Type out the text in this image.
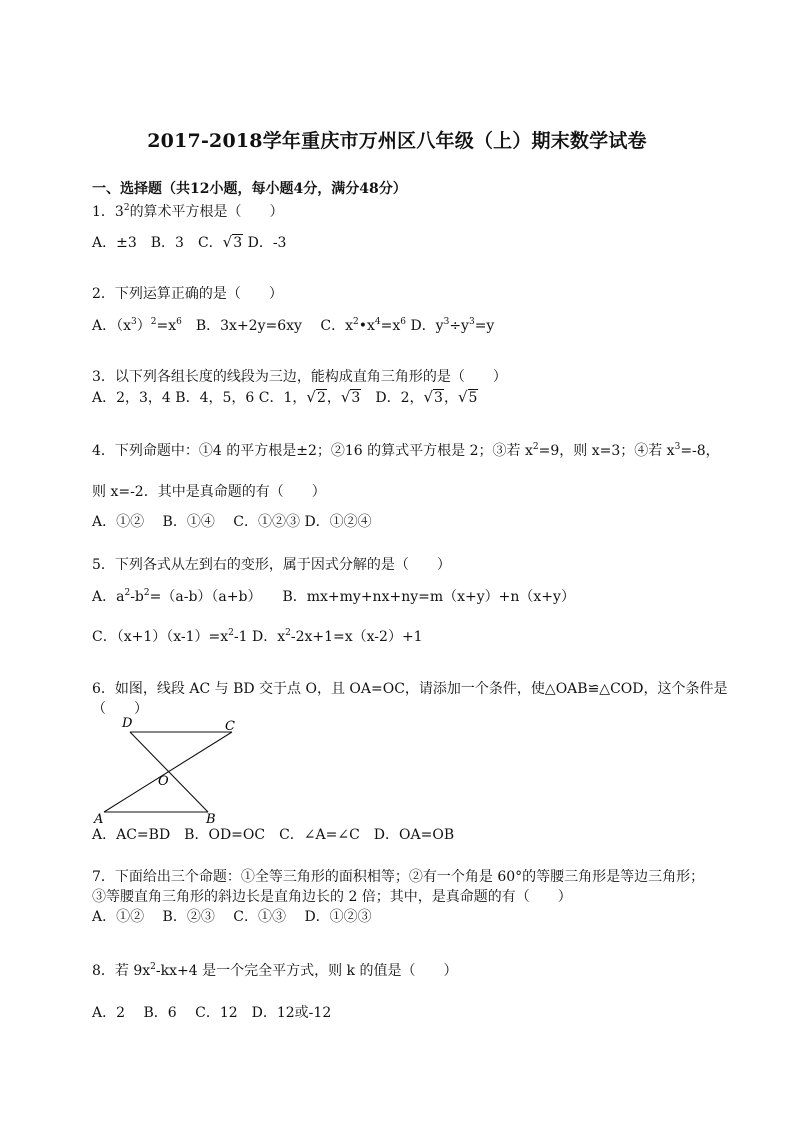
2017-2018学年重庆市万州区八年级（上）期末数学试卷
一、选择题（共12小题，每小题4分，满分48分）
1．$3^2$的算术平方根是（　　）
A．±3　B．3　C．√3 D．-3
2．下列运算正确的是（　　）
A．$(x^3)^2=x^6$　B．3x+2y=6xy　 C．$x^2•x^4=x^6$ D．$y^3\div y^3=y$
3．以下列各组长度的线段为三边，能构成直角三角形的是（　　）
A．2，3，4 B．4，5，6 C．1，√2，√3　D．2，√3，√5
4．下列命题中：①4 的平方根是±2；②16 的算式平方根是 2；③若 $x^2=9$，则 x=3；④若 $x^3=-8$，
则 x=-2．其中是真命题的有（　　）
A．①②　 B．①④　 C．①②③ D．①②④
5．下列各式从左到右的变形，属于因式分解的是（　　）
A．$a^2-b^2=(a-b)(a+b)$　　B．mx+my+nx+ny=m（x+y）+n（x+y）
C．$(x+1)(x-1)=x^2-1$ D．$x^2-2x+1=x(x-2)+1$
6．如图，线段 AC 与 BD 交于点 O，且 OA=OC，请添加一个条件，使△OAB≌△COD，这个条件是
（　　）
D	C
O
A	B
A．AC=BD　B．OD=OC　C．∠A=∠C　D．OA=OB
7．下面给出三个命题：①全等三角形的面积相等；②有一个角是 60°的等腰三角形是等边三角形；
③等腰直角三角形的斜边长是直角边长的 2 倍；其中，是真命题的有（　　）
A．①②　 B．②③　 C．①③　 D．①②③
8．若 $9x^2-kx+4$ 是一个完全平方式，则 k 的值是（　　）
A．2　 B．6　 C．12　D．12或-12
